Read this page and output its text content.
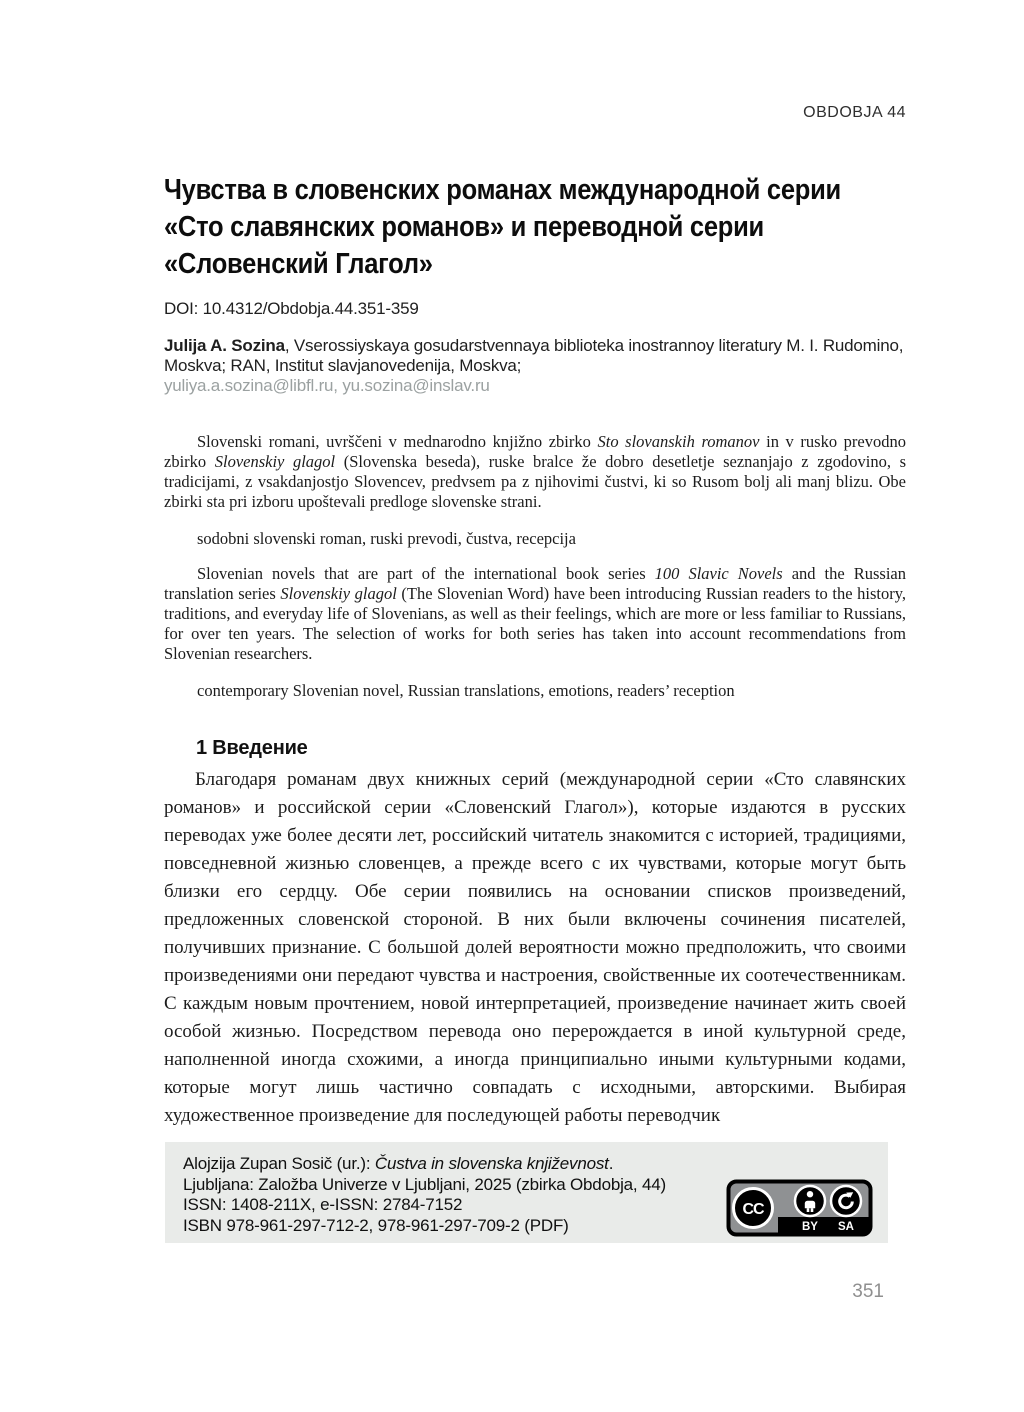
OBDOBJA 44
Чувства в словенских романах международной серии
«Сто славянских романов» и переводной серии
«Словенский Глагол»

DOI: 10.4312/Obdobja.44.351-359

Julija A. Sozina, Vserossiyskaya gosudarstvennaya biblioteka inostrannoy literatury M. I. Rudomino, Moskva; RAN, Institut slavjanovedenija, Moskva;

yuliya.a.sozina@libfl.ru, yu.sozina@inslav.ru

Slovenski romani, uvrščeni v mednarodno knjižno zbirko Sto slovanskih romanov in v rusko prevodno zbirko Slovenskiy glagol (Slovenska beseda), ruske bralce že dobro desetletje seznanjajo z zgodovino, s tradicijami, z vsakdanjostjo Slovencev, predvsem pa z njihovimi čustvi, ki so Rusom bolj ali manj blizu. Obe zbirki sta pri izboru upoštevali predloge slovenske strani.

sodobni slovenski roman, ruski prevodi, čustva, recepcija

Slovenian novels that are part of the international book series 100 Slavic Novels and the Russian translation series Slovenskiy glagol (The Slovenian Word) have been introducing Russian readers to the history, traditions, and everyday life of Slovenians, as well as their feelings, which are more or less familiar to Russians, for over ten years. The selection of works for both series has taken into account recommendations from Slovenian researchers.

contemporary Slovenian novel, Russian translations, emotions, readers’ reception

1 Введение

Благодаря романам двух книжных серий (международной серии «Сто славянских романов» и российской серии «Словенский Глагол»), которые издаются в русских переводах уже более десяти лет, российский читатель знакомится с историей, традициями, повседневной жизнью словенцев, а прежде всего с их чувствами, которые могут быть близки его сердцу. Обе серии появились на основании списков произведений, предложенных словенской стороной. В них были включены сочинения писателей, получивших признание. С большой долей вероятности можно предположить, что своими произведениями они передают чувства и настроения, свойственные их соотечественникам. С каждым новым прочтением, новой интерпретацией, произведение начинает жить своей особой жизнью. Посредством перевода оно перерождается в иной культурной среде, наполненной иногда схожими, а иногда принципиально иными культурными кодами, которые могут лишь частично совпадать с исходными, авторскими. Выбирая художественное произведение для последующей работы переводчик

Alojzija Zupan Sosič (ur.): Čustva in slovenska književnost.

Ljubljana: Založba Univerze v Ljubljani, 2025 (zbirka Obdobja, 44)

ISSN: 1408-211X, e-ISSN: 2784-7152

ISBN 978-961-297-712-2, 978-961-297-709-2 (PDF)

CC
BY SA
351
